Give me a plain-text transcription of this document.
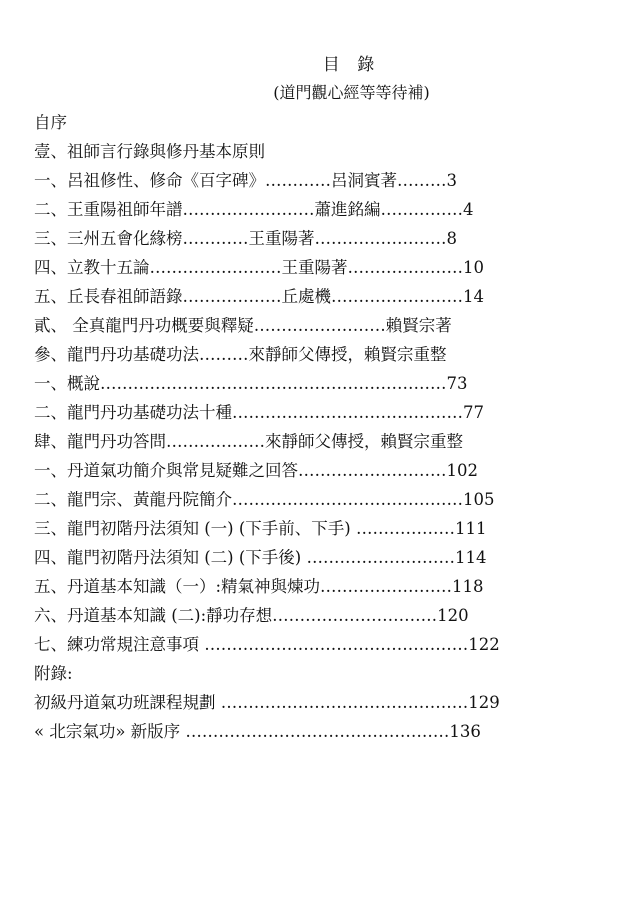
目 錄
(道門觀心經等等待補)
自序
壹、祖師言行錄與修丹基本原則
一、呂祖修性、修命《百字碑》…………呂洞賓著………3
二、王重陽祖師年譜……………………蕭進銘編……………4
三、三州五會化緣榜…………王重陽著……………………8
四、立教十五論……………………王重陽著…………………10
五、丘長春祖師語錄………………丘處機……………………14
貳、 全真龍門丹功概要與釋疑……………………賴賢宗著
參、龍門丹功基礎功法………來靜師父傳授，賴賢宗重整
一、概說………………………………………………………73
二、龍門丹功基礎功法十種……………………………………77
肆、龍門丹功答問………………來靜師父傳授，賴賢宗重整
一、丹道氣功簡介與常見疑難之回答………………………102
二、龍門宗、黃龍丹院簡介……………………………………105
三、龍門初階丹法須知 (一) (下手前、下手) ………………111
四、龍門初階丹法須知 (二) (下手後) ………………………114
五、丹道基本知識（一）:精氣神與煉功……………………118
六、丹道基本知識 (二):靜功存想…………………………120
七、練功常規注意事項 …………………………………………122
附錄:
初級丹道氣功班課程規劃 ………………………………………129
« 北宗氣功» 新版序 …………………………………………136
